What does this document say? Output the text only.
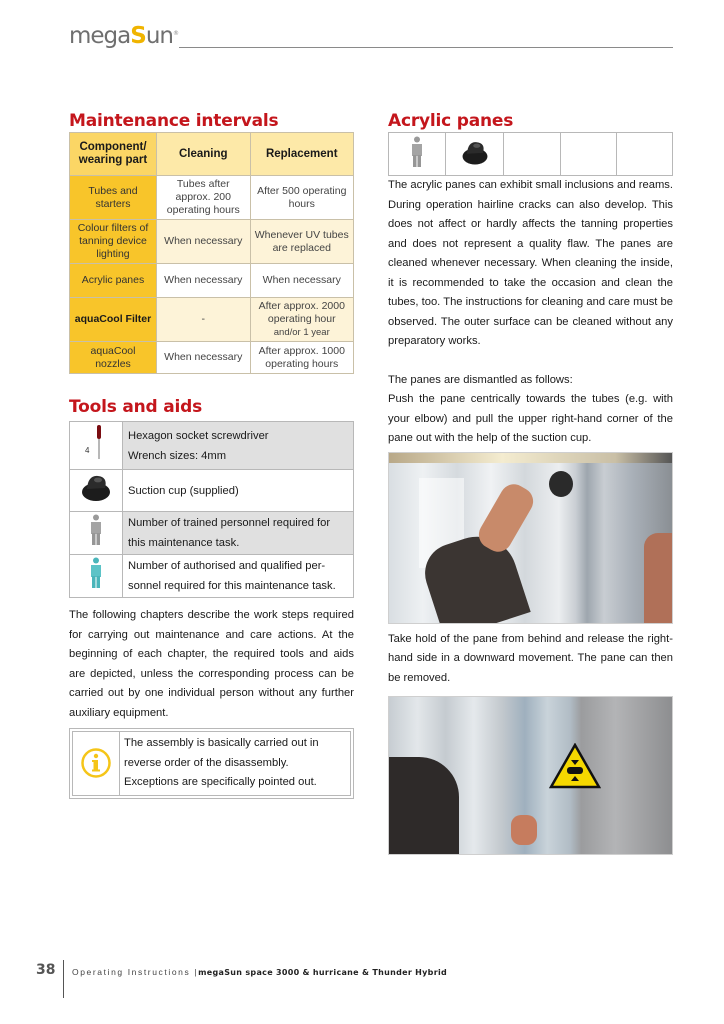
megaSun®
Maintenance intervals
Component/ wearing part	Cleaning	Replacement
Tubes and starters	Tubes after approx. 200 operating hours	After 500 operating hours
Colour filters of tanning device lighting	When necessary	Whenever UV tubes are replaced
Acrylic panes	When necessary	When necessary
aquaCool Filter	-	After approx. 2000 operating hour
and/or 1 year
aquaCool nozzles	When necessary	After approx. 1000 operating hours
Tools and aids
4	Hexagon socket screwdriver
Wrench sizes: 4mm

	Suction cup (supplied)

Number of trained personnel required for
this maintenance task.

Number of authorised and qualified per-
sonnel required for this maintenance task.

The following chapters describe the work steps required for carrying out maintenance and care actions. At the beginning of each chapter, the required tools and aids are depicted, unless the corresponding process can be carried out by one individual person without any further auxiliary equipment.

The assembly is basically carried out in reverse order of the disassembly. Exceptions are specifically pointed out.
Acrylic panes

The acrylic panes can exhibit small inclusions and reams. During operation hairline cracks can also develop. This does not affect or hardly affects the tanning properties and does not represent a quality flaw. The panes are cleaned whenever necessary. When cleaning the inside, it is recommended to take the occasion and clean the tubes, too. The instructions for cleaning and care must be observed. The outer surface can be cleaned without any preparatory works.

The panes are dismantled as follows:

Push the pane centrically towards the tubes (e.g. with your elbow) and pull the upper right-hand corner of the pane out with the help of the suction cup.

Take hold of the pane from behind and release the right-hand side in a downward movement. The pane can then be removed.

38 Operating Instructions |megaSun space 3000 & hurricane & Thunder Hybrid
